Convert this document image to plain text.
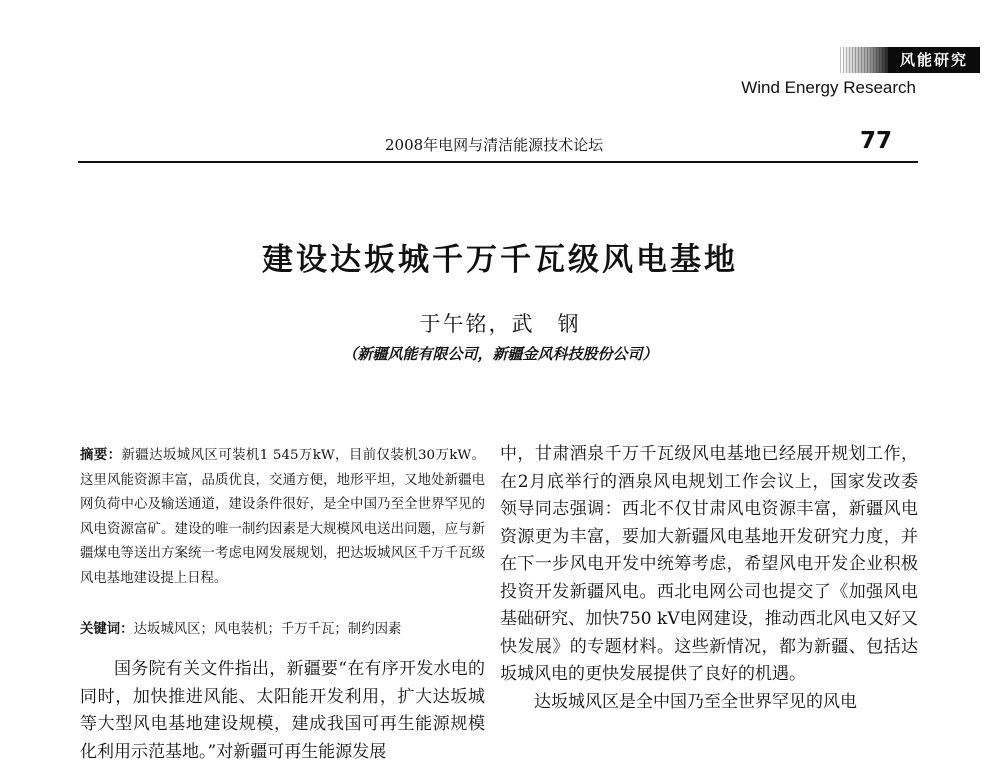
风能研究
Wind Energy Research
2008年电网与清洁能源技术论坛	77
建设达坂城千万千瓦级风电基地
于午铭，武　钢
（新疆风能有限公司，新疆金风科技股份公司）
摘要：新疆达坂城风区可装机1 545万kW，目前仅装机30万kW。这里风能资源丰富，品质优良，交通方便，地形平坦，又地处新疆电网负荷中心及输送通道，建设条件很好，是全中国乃至全世界罕见的风电资源富矿。建设的唯一制约因素是大规模风电送出问题，应与新疆煤电等送出方案统一考虑电网发展规划，把达坂城风区千万千瓦级风电基地建设提上日程。
关键词：达坂城风区；风电装机；千万千瓦；制约因素

国务院有关文件指出，新疆要“在有序开发水电的同时，加快推进风能、太阳能开发利用，扩大达坂城等大型风电基地建设规模，建成我国可再生能源规模化利用示范基地。”对新疆可再生能源发展

中，甘肃酒泉千万千瓦级风电基地已经展开规划工作，在2月底举行的酒泉风电规划工作会议上，国家发改委领导同志强调：西北不仅甘肃风电资源丰富，新疆风电资源更为丰富，要加大新疆风电基地开发研究力度，并在下一步风电开发中统筹考虑，希望风电开发企业积极投资开发新疆风电。西北电网公司也提交了《加强风电基础研究、加快750 kV电网建设，推动西北风电又好又快发展》的专题材料。这些新情况，都为新疆、包括达坂城风电的更快发展提供了良好的机遇。

达坂城风区是全中国乃至全世界罕见的风电
